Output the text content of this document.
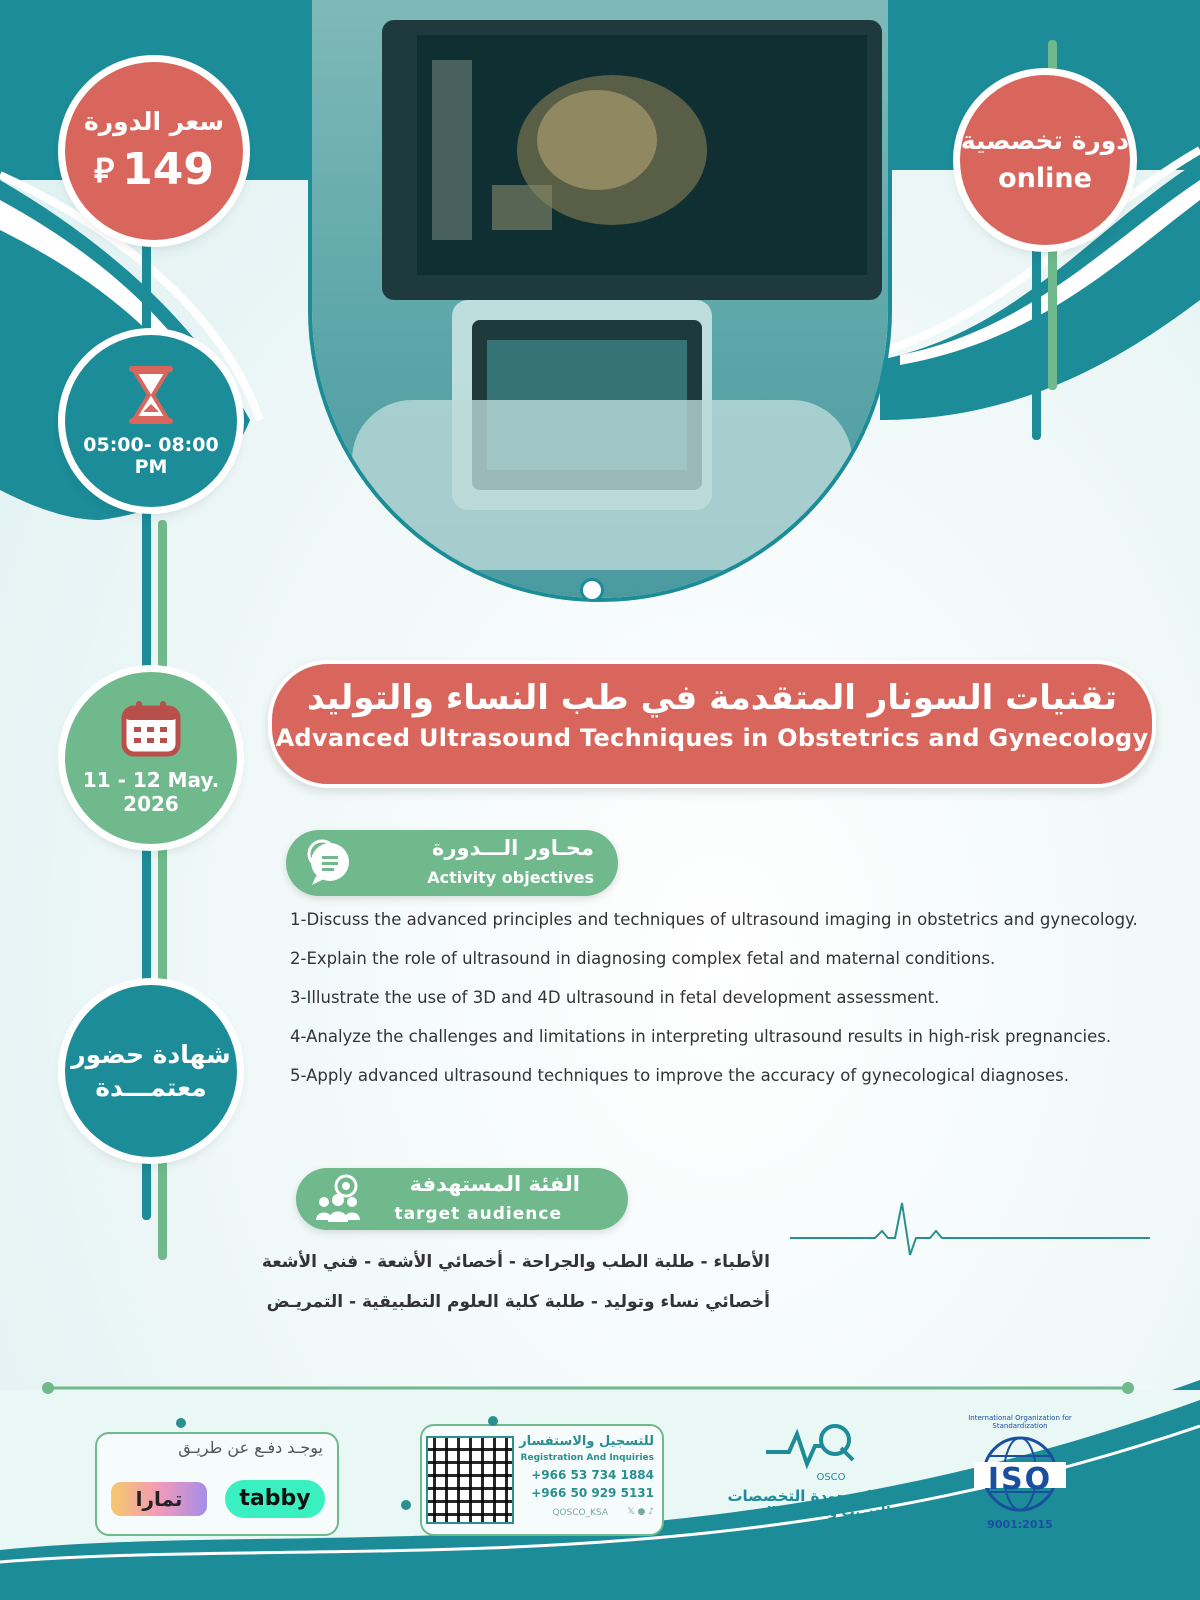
سعر الدورة
⃁ 149
05:00- 08:00
PM
11 - 12 May.
2026
شهادة حضور
معتمـــدة
دورة تخصصية
online
تقنيات السونار المتقدمة في طب النساء والتوليد
Advanced Ultrasound Techniques in Obstetrics and Gynecology
محـاور الـــدورة
Activity objectives
1-Discuss the advanced principles and techniques of ultrasound imaging in obstetrics and gynecology.
2-Explain the role of ultrasound in diagnosing complex fetal and maternal conditions.
3-Illustrate the use of 3D and 4D ultrasound in fetal development assessment.
4-Analyze the challenges and limitations in interpreting ultrasound results in high-risk pregnancies.
5-Apply advanced ultrasound techniques to improve the accuracy of gynecological diagnoses.
الفئة المستهدفة
target audience
الأطباء - طلبة الطب والجراحة - أخصائي الأشعة - فني الأشعة
أخصائي نساء وتوليد - طلبة كلية العلوم التطبيقية - التمريـض
يوجـد دفـع عن طريـق
تمارا	tabby
للتسجيل والاستفسار
Registration And Inquiries
+966 53 734 1884
+966 50 929 5131
QOSCO_KSA 𝕏 ● ♪
OSCO
شركة جودة التخصصات
للتدريب والتطوير الصحي
ISO
International Organization for Standardization
9001:2015
